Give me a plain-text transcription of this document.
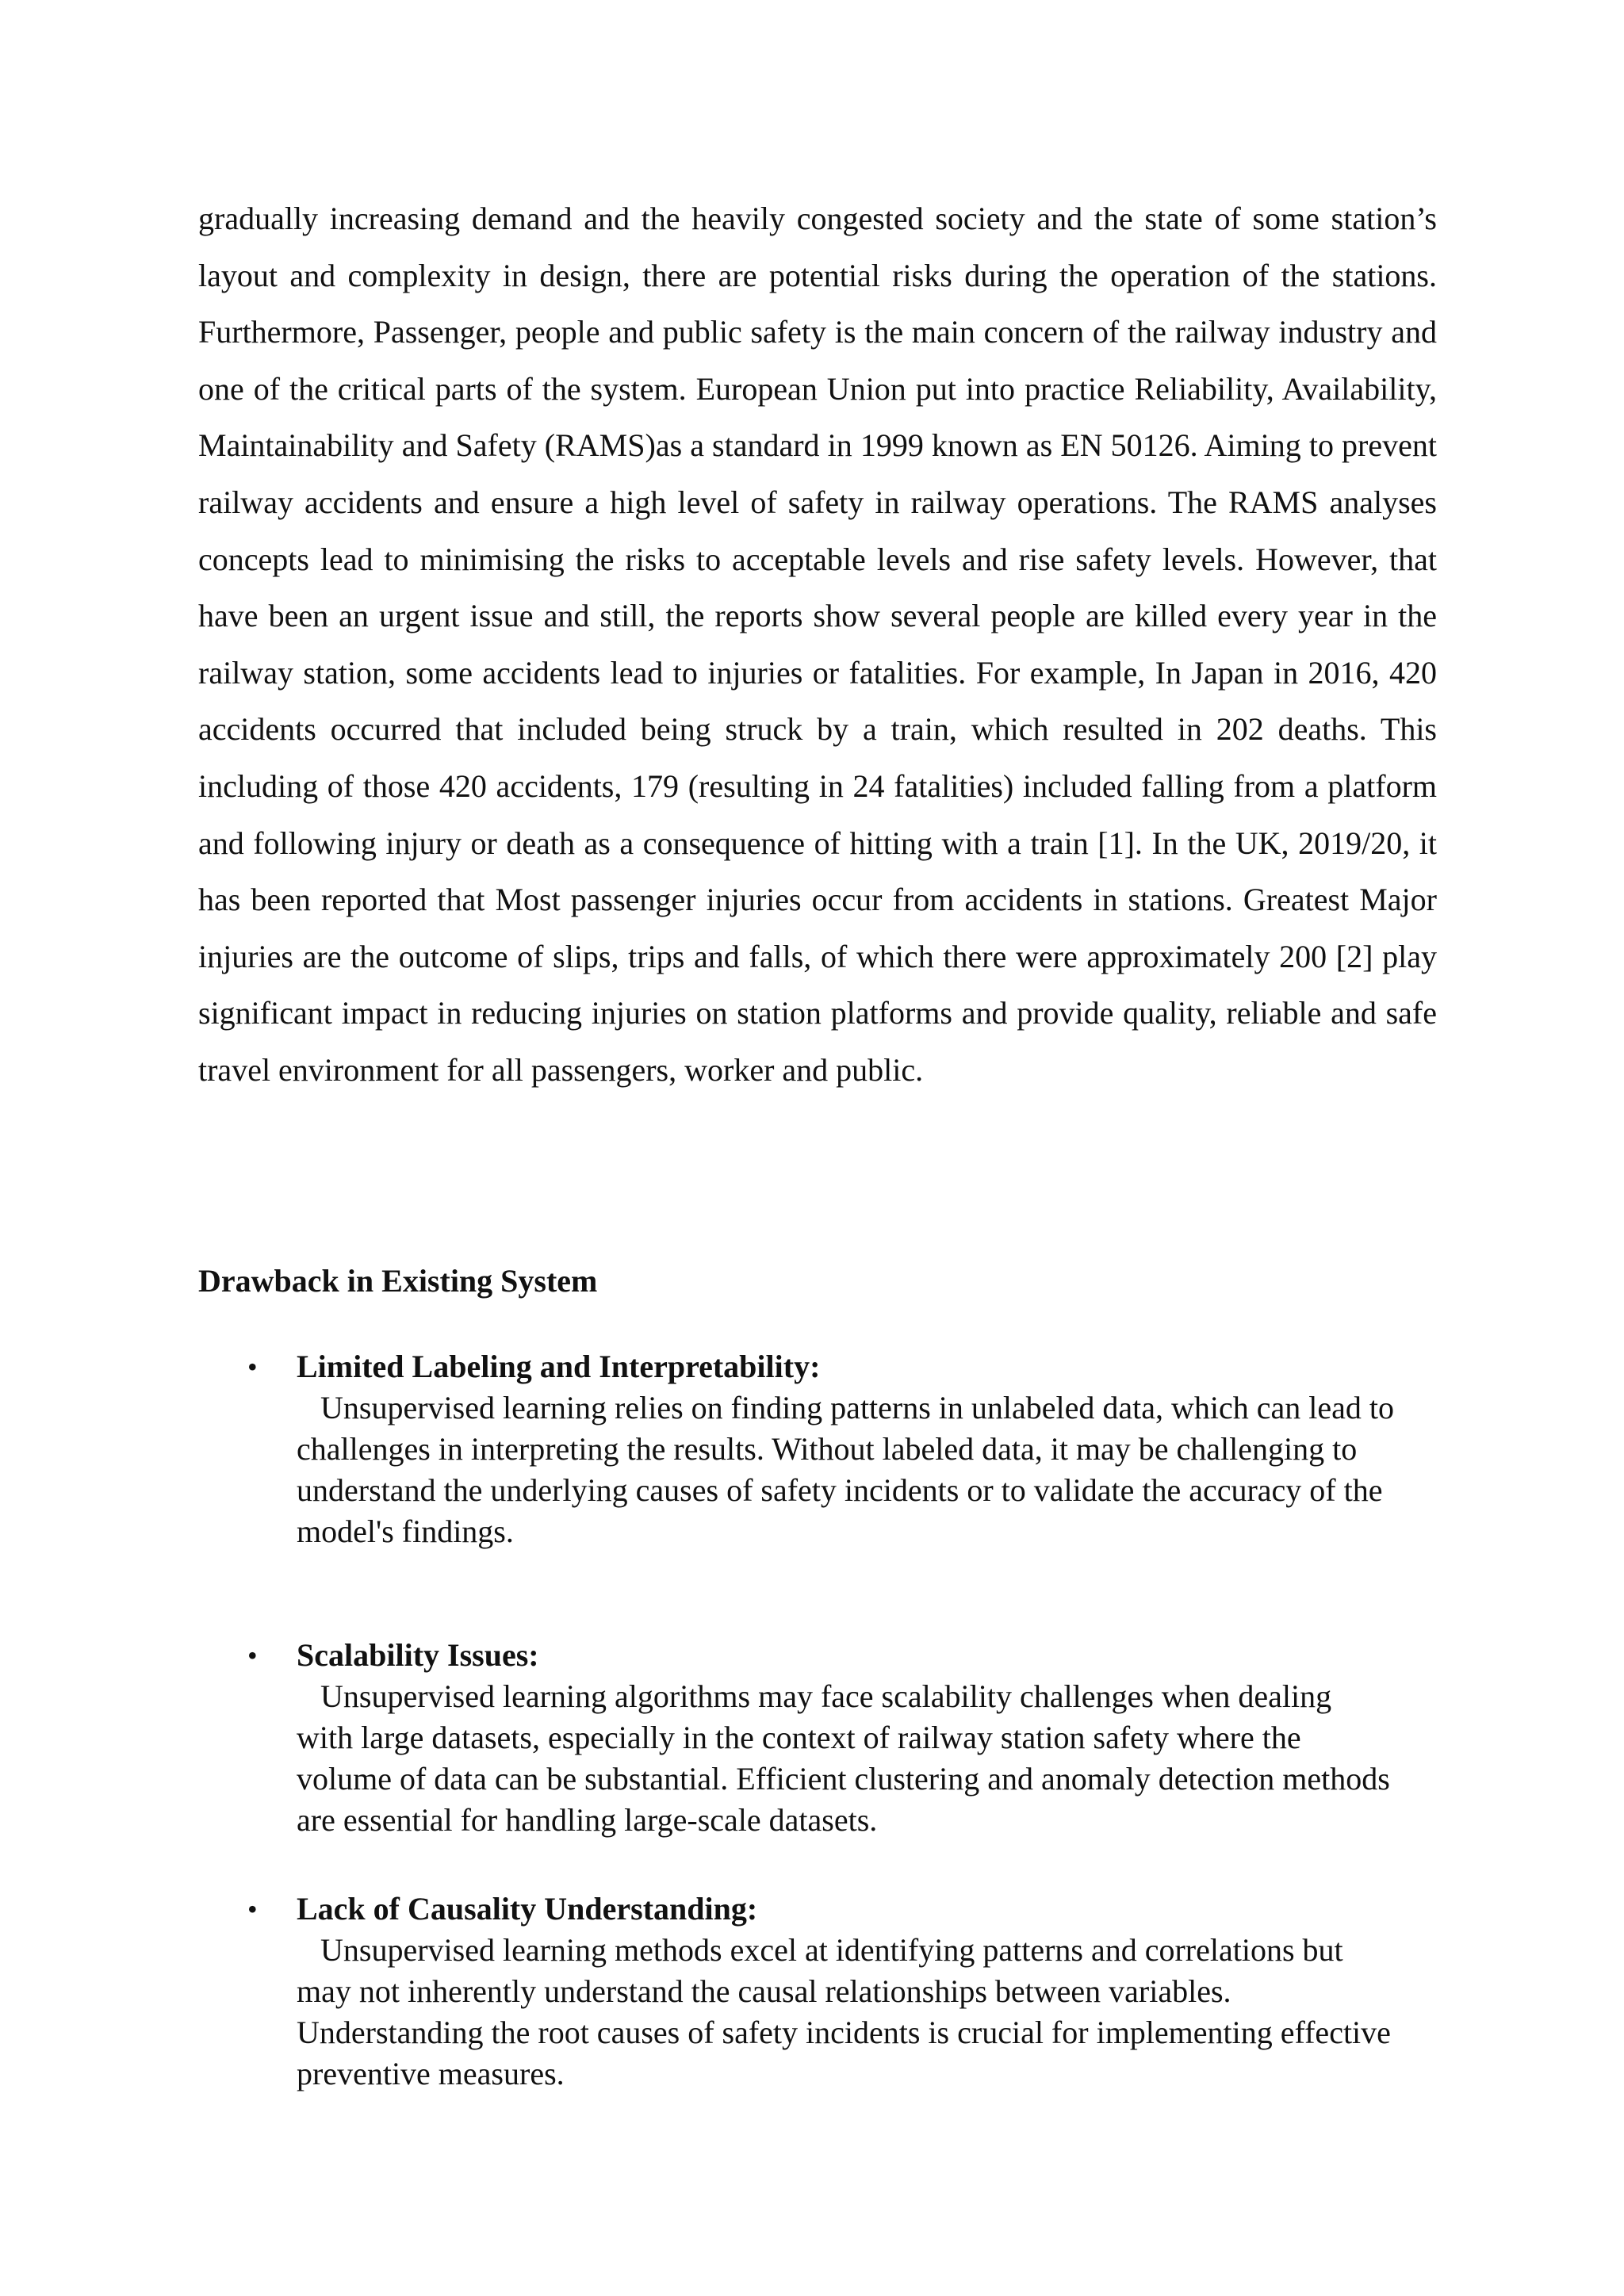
gradually increasing demand and the heavily congested society and the state of some station’s layout and complexity in design, there are potential risks during the operation of the stations. Furthermore, Passenger, people and public safety is the main concern of the railway industry and one of the critical parts of the system. European Union put into practice Reliability, Availability, Maintainability and Safety (RAMS)as a standard in 1999 known as EN 50126. Aiming to prevent railway accidents and ensure a high level of safety in railway operations. The RAMS analyses concepts lead to minimising the risks to acceptable levels and rise safety levels. However, that have been an urgent issue and still, the reports show several people are killed every year in the railway station, some accidents lead to injuries or fatalities. For example, In Japan in 2016, 420 accidents occurred that included being struck by a train, which resulted in 202 deaths. This including of those 420 accidents, 179 (resulting in 24 fatalities) included falling from a platform and following injury or death as a consequence of hitting with a train [1]. In the UK, 2019/20, it has been reported that Most passenger injuries occur from accidents in stations. Greatest Major injuries are the outcome of slips, trips and falls, of which there were approximately 200 [2] play significant impact in reducing injuries on station platforms and provide quality, reliable and safe travel environment for all passengers, worker and public.

Drawback in Existing System
• Limited Labeling and Interpretability:

Unsupervised learning relies on finding patterns in unlabeled data, which can lead to
challenges in interpreting the results. Without labeled data, it may be challenging to
understand the underlying causes of safety incidents or to validate the accuracy of the
model's findings.

• Scalability Issues:

Unsupervised learning algorithms may face scalability challenges when dealing
with large datasets, especially in the context of railway station safety where the
volume of data can be substantial. Efficient clustering and anomaly detection methods
are essential for handling large-scale datasets.

• Lack of Causality Understanding:

Unsupervised learning methods excel at identifying patterns and correlations but
may not inherently understand the causal relationships between variables.
Understanding the root causes of safety incidents is crucial for implementing effective
preventive measures.
